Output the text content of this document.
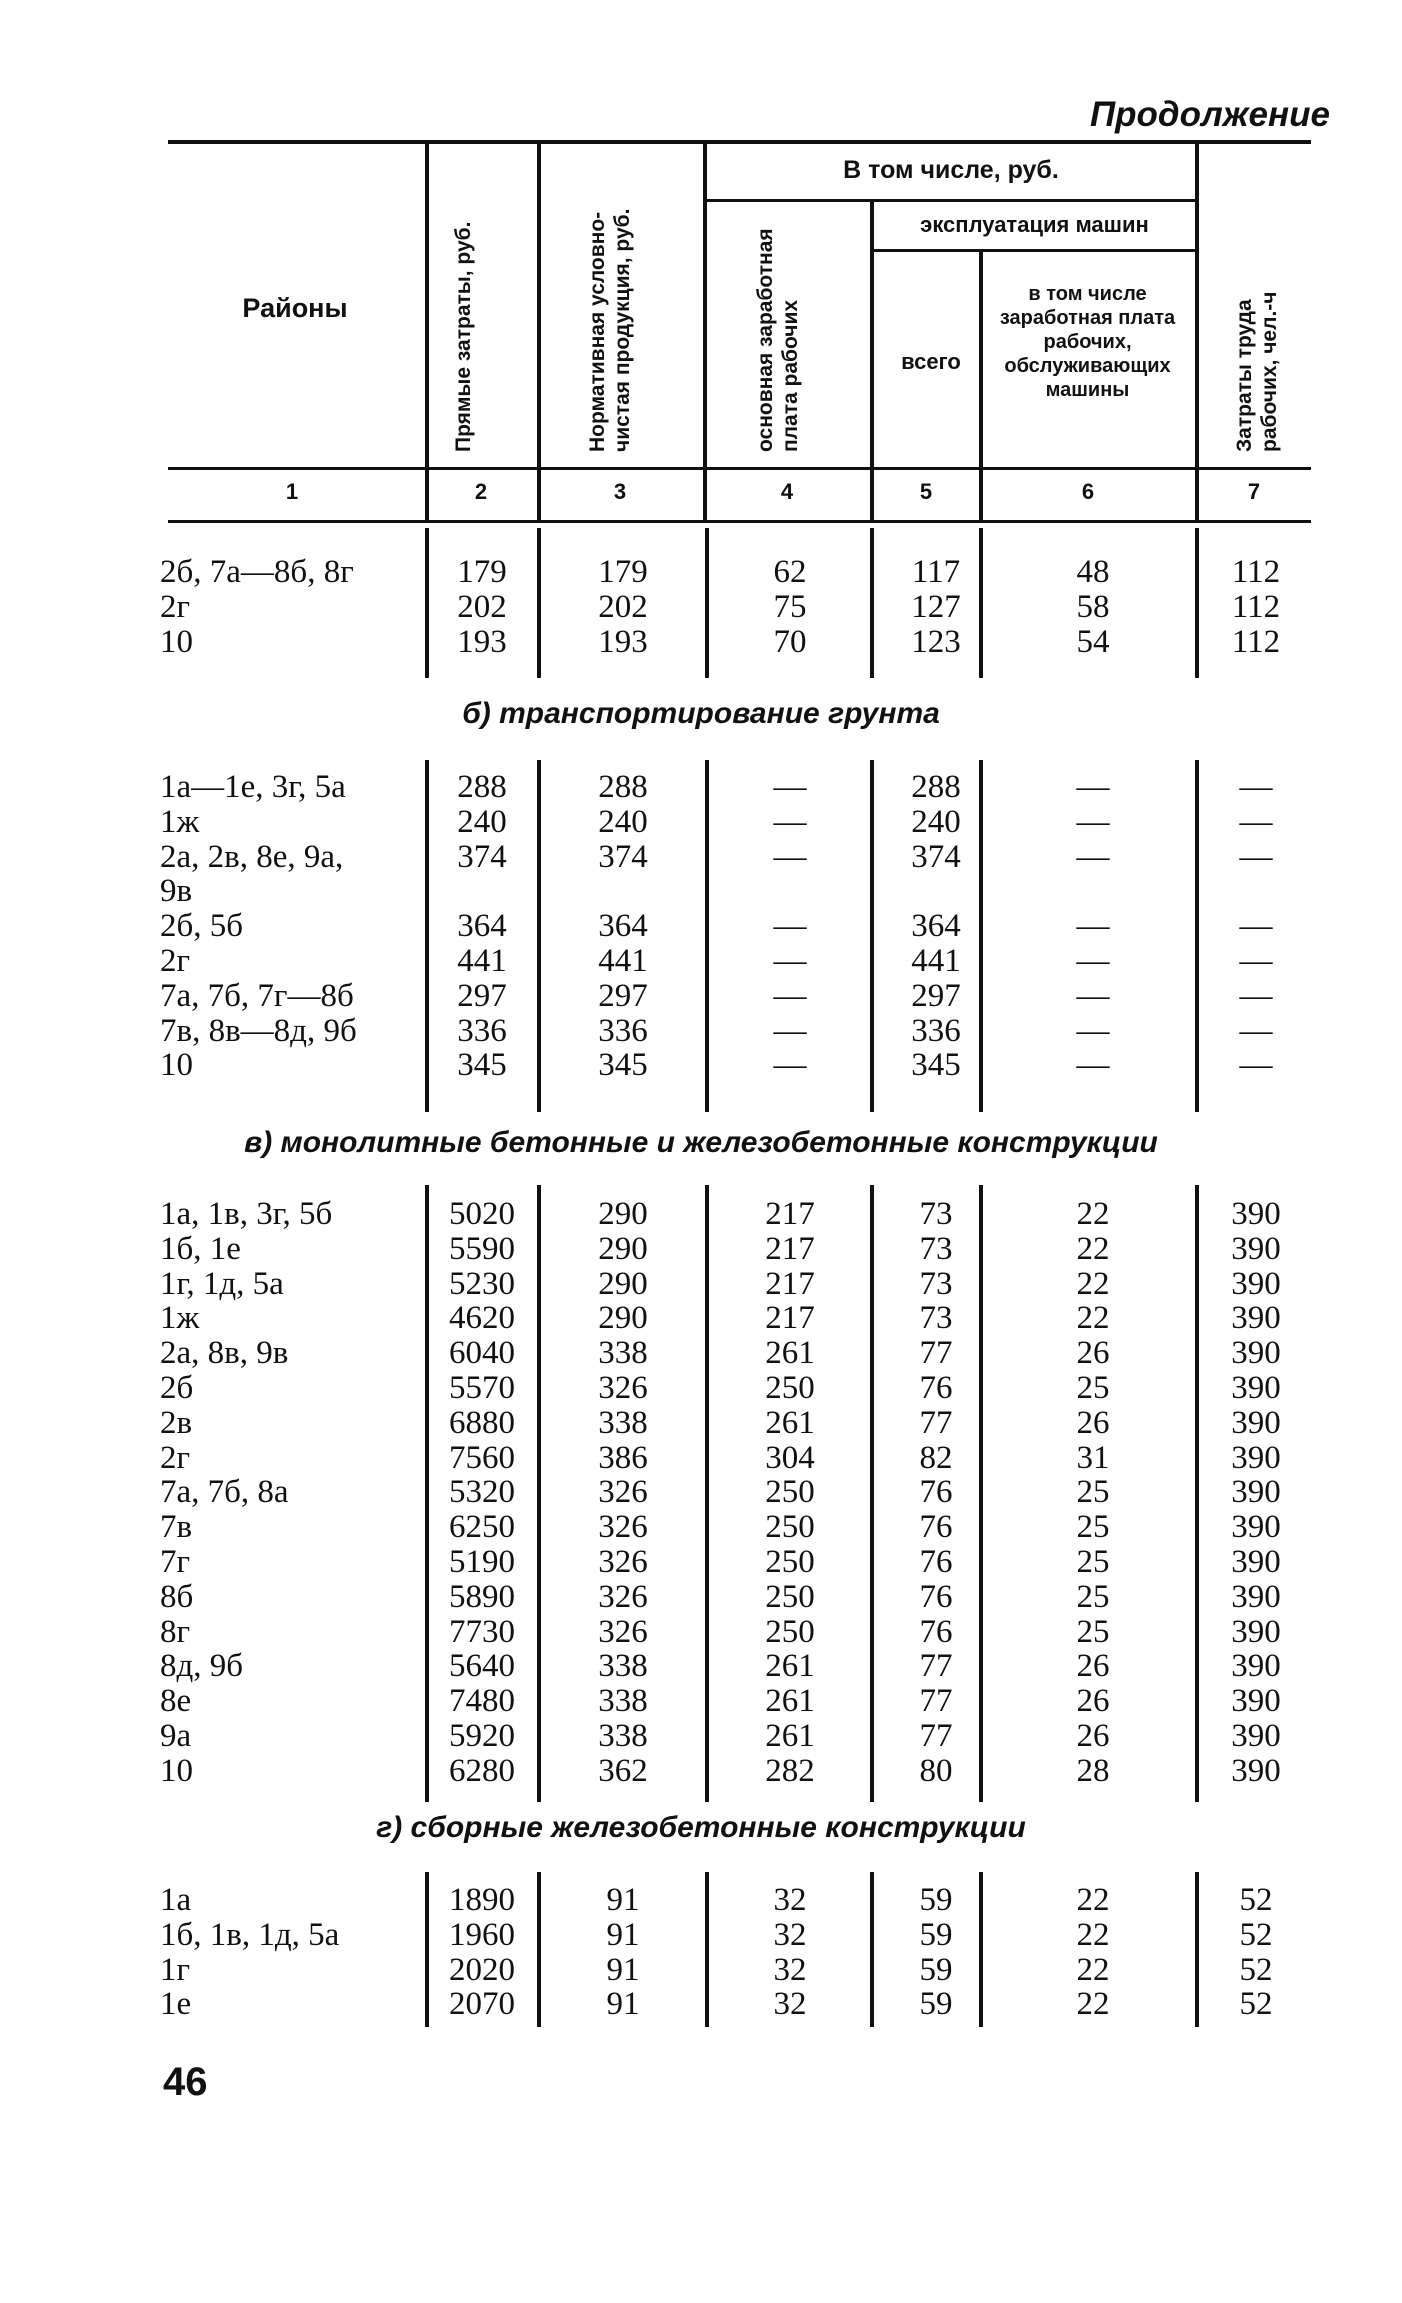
Продолжение
Районы	Прямые затраты, руб.	Нормативная условно-чистая продукция, руб.
В том числе, руб.
основная заработная плата рабочих
эксплуатация машин
всего
в том числе заработная плата рабочих, обслуживающих машины	Затраты труда рабочих, чел.-ч
1	2	3	4	5	6	7
б) транспортирование грунта
в) монолитные бетонные и железобетонные конструкции
г) сборные железобетонные конструкции
2б, 7а—8б, 8г	179	179	62	117	48	112
2г	202	202	75	127	58	112
10	193	193	70	123	54	112
1а—1е, 3г, 5а	288	288	—	288	—	—
1ж	240	240	—	240	—	—
2а, 2в, 8е, 9а,	374	374	—	374	—	—
9в
2б, 5б	364	364	—	364	—	—
2г	441	441	—	441	—	—
7а, 7б, 7г—8б	297	297	—	297	—	—
7в, 8в—8д, 9б	336	336	—	336	—	—
10	345	345	—	345	—	—
1а, 1в, 3г, 5б	5020	290	217	73	22	390
1б, 1е	5590	290	217	73	22	390
1г, 1д, 5а	5230	290	217	73	22	390
1ж	4620	290	217	73	22	390
2а, 8в, 9в	6040	338	261	77	26	390
2б	5570	326	250	76	25	390
2в	6880	338	261	77	26	390
2г	7560	386	304	82	31	390
7а, 7б, 8а	5320	326	250	76	25	390
7в	6250	326	250	76	25	390
7г	5190	326	250	76	25	390
8б	5890	326	250	76	25	390
8г	7730	326	250	76	25	390
8д, 9б	5640	338	261	77	26	390
8е	7480	338	261	77	26	390
9а	5920	338	261	77	26	390
10	6280	362	282	80	28	390
1а	1890	91	32	59	22	52
1б, 1в, 1д, 5а	1960	91	32	59	22	52
1г	2020	91	32	59	22	52
1е	2070	91	32	59	22	52
46
